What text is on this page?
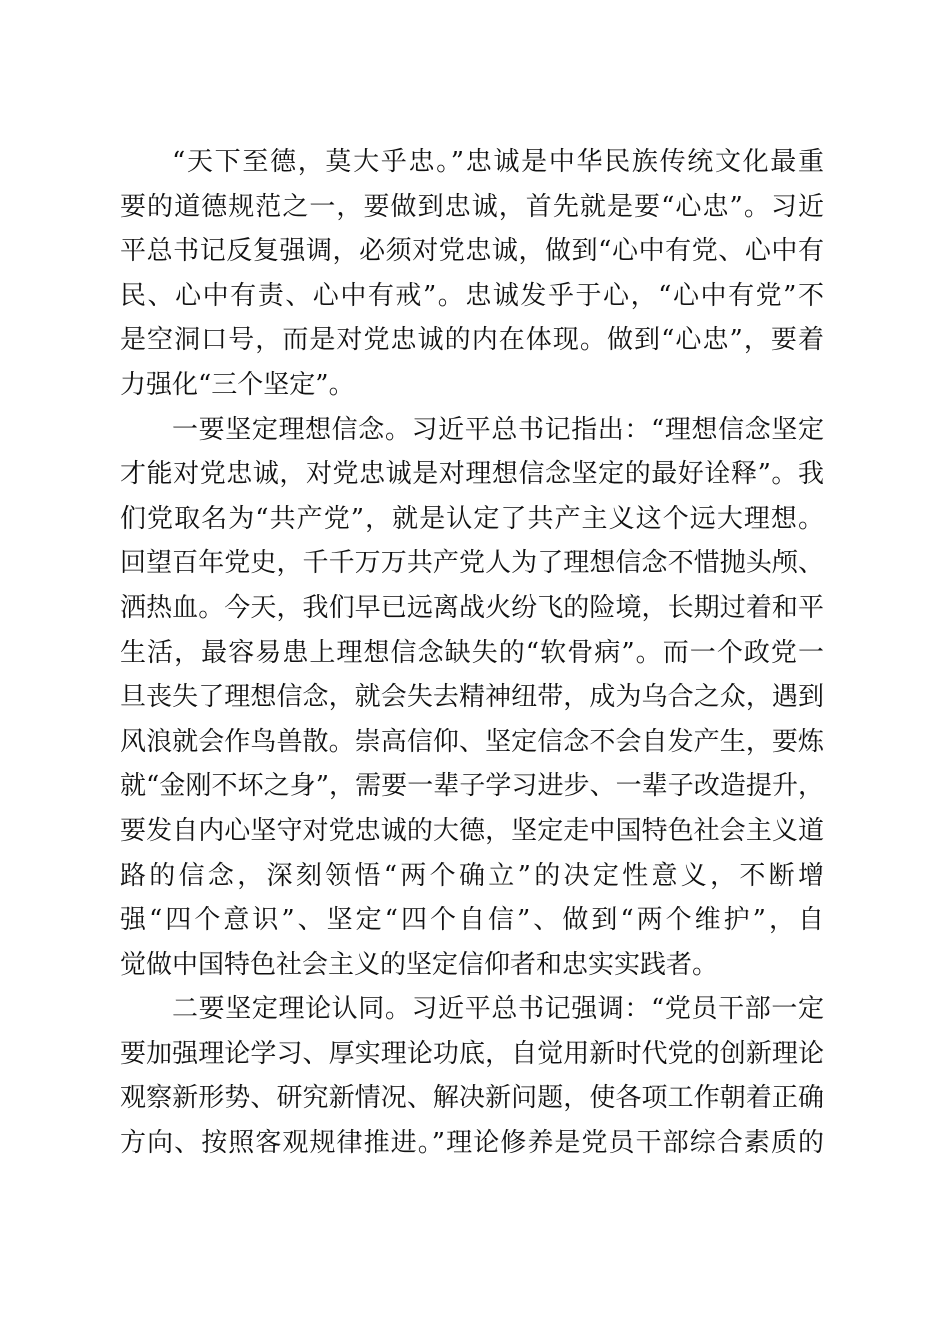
“天下至德，莫大乎忠。”忠诚是中华民族传统文化最重
要的道德规范之一，要做到忠诚，首先就是要“心忠”。习近
平总书记反复强调，必须对党忠诚，做到“心中有党、心中有
民、心中有责、心中有戒”。忠诚发乎于心，“心中有党”不
是空洞口号，而是对党忠诚的内在体现。做到“心忠”，要着
力强化“三个坚定”。

一要坚定理想信念。习近平总书记指出：“理想信念坚定
才能对党忠诚，对党忠诚是对理想信念坚定的最好诠释”。我
们党取名为“共产党”，就是认定了共产主义这个远大理想。
回望百年党史，千千万万共产党人为了理想信念不惜抛头颅、
洒热血。今天，我们早已远离战火纷飞的险境，长期过着和平
生活，最容易患上理想信念缺失的“软骨病”。而一个政党一
旦丧失了理想信念，就会失去精神纽带，成为乌合之众，遇到
风浪就会作鸟兽散。崇高信仰、坚定信念不会自发产生，要炼
就“金刚不坏之身”，需要一辈子学习进步、一辈子改造提升，
要发自内心坚守对党忠诚的大德，坚定走中国特色社会主义道
路的信念，深刻领悟“两个确立”的决定性意义，不断增
强“四个意识”、坚定“四个自信”、做到“两个维护”，自
觉做中国特色社会主义的坚定信仰者和忠实实践者。

二要坚定理论认同。习近平总书记强调：“党员干部一定
要加强理论学习、厚实理论功底，自觉用新时代党的创新理论
观察新形势、研究新情况、解决新问题，使各项工作朝着正确
方向、按照客观规律推进。”理论修养是党员干部综合素质的
